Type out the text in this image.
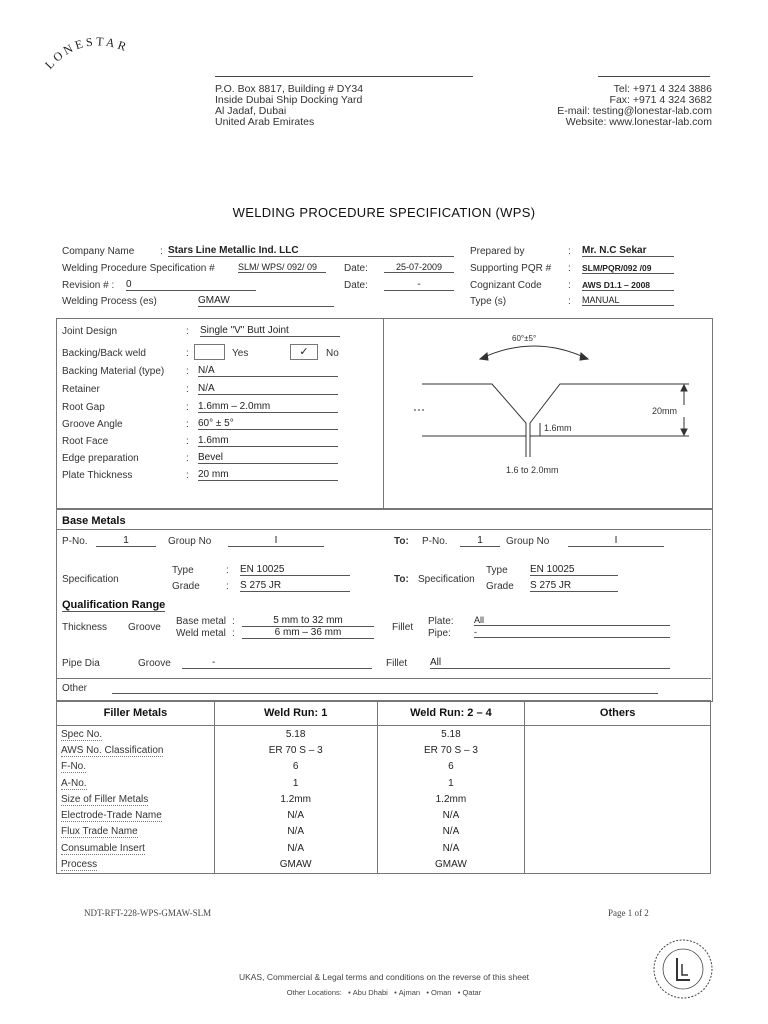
LONESTAR
P.O. Box 8817, Building # DY34
Inside Dubai Ship Docking Yard
Al Jadaf, Dubai
United Arab Emirates
Tel: +971 4 324 3886
Fax: +971 4 324 3682
E-mail: testing@lonestar-lab.com
Website: www.lonestar-lab.com
WELDING PROCEDURE SPECIFICATION (WPS)
Company Name	: Stars Line Metallic Ind. LLC
Welding Procedure Specification #	SLM/ WPS/ 092/ 09	Date:	25-07-2009
Revision # : 0	Date:	-
Welding Process (es)	GMAW
Prepared by	: Mr. N.C Sekar
Supporting PQR # : SLM/PQR/092 /09
Cognizant Code	: AWS D1.1 – 2008
Type (s)	: MANUAL
Joint Design	: Single "V" Butt Joint
Backing/Back weld	:	Yes	✓	No
Backing Material (type) : N/A
Retainer	: N/A
Root Gap	: 1.6mm – 2.0mm
Groove Angle	: 60° ± 5°
Root Face	: 1.6mm
Edge preparation	: Bevel
Plate Thickness	: 20 mm
60°±5°
20mm
1.6mm
1.6 to 2.0mm
Base Metals
P-No.	1	Group No	I	To: P-No.	1	Group No	I
Specification
Type	: EN 10025
Grade	: S 275 JR
To: Specification
Type EN 10025
Grade S 275 JR
Qualification Range
Thickness Groove
Base metal :	5 mm to 32 mm
Weld metal :	6 mm – 36 mm	Fillet
Plate: All
Pipe:	-
Pipe Dia	Groove	-	Fillet All
Other
Filler Metals	Weld Run: 1	Weld Run: 2 – 4	Others
Spec No.	5.18	5.18	
AWS No. Classification	ER 70 S – 3	ER 70 S – 3	
F-No.	6	6	
A-No.	1	1	
Size of Filler Metals	1.2mm	1.2mm	
Electrode-Trade Name	N/A	N/A	
Flux Trade Name	N/A	N/A	
Consumable Insert	N/A	N/A	
Process	GMAW	GMAW	
NDT-RFT-228-WPS-GMAW-SLM	Page 1 of 2
UKAS, Commercial & Legal terms and conditions on the reverse of this sheet
Other Locations:   • Abu Dhabi   • Ajman   • Oman   • Qatar
